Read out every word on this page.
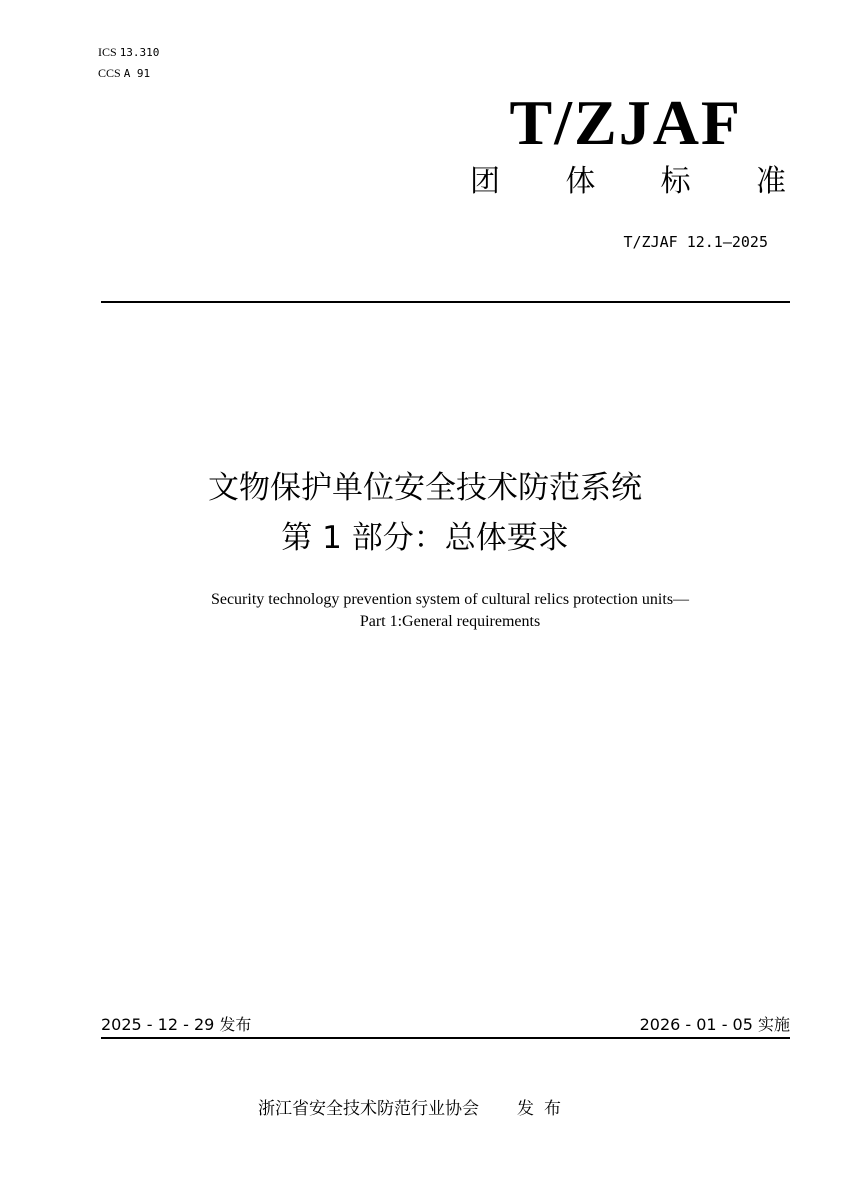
ICS 13.310
CCS A 91
T/ZJAF
团 体 标 准
T/ZJAF 12.1—2025
文物保护单位安全技术防范系统
第 1 部分：总体要求
Security technology prevention system of cultural relics protection units—
Part 1:General requirements
2025 - 12 - 29 发布	2026 - 01 - 05 实施
浙江省安全技术防范行业协会 发布
